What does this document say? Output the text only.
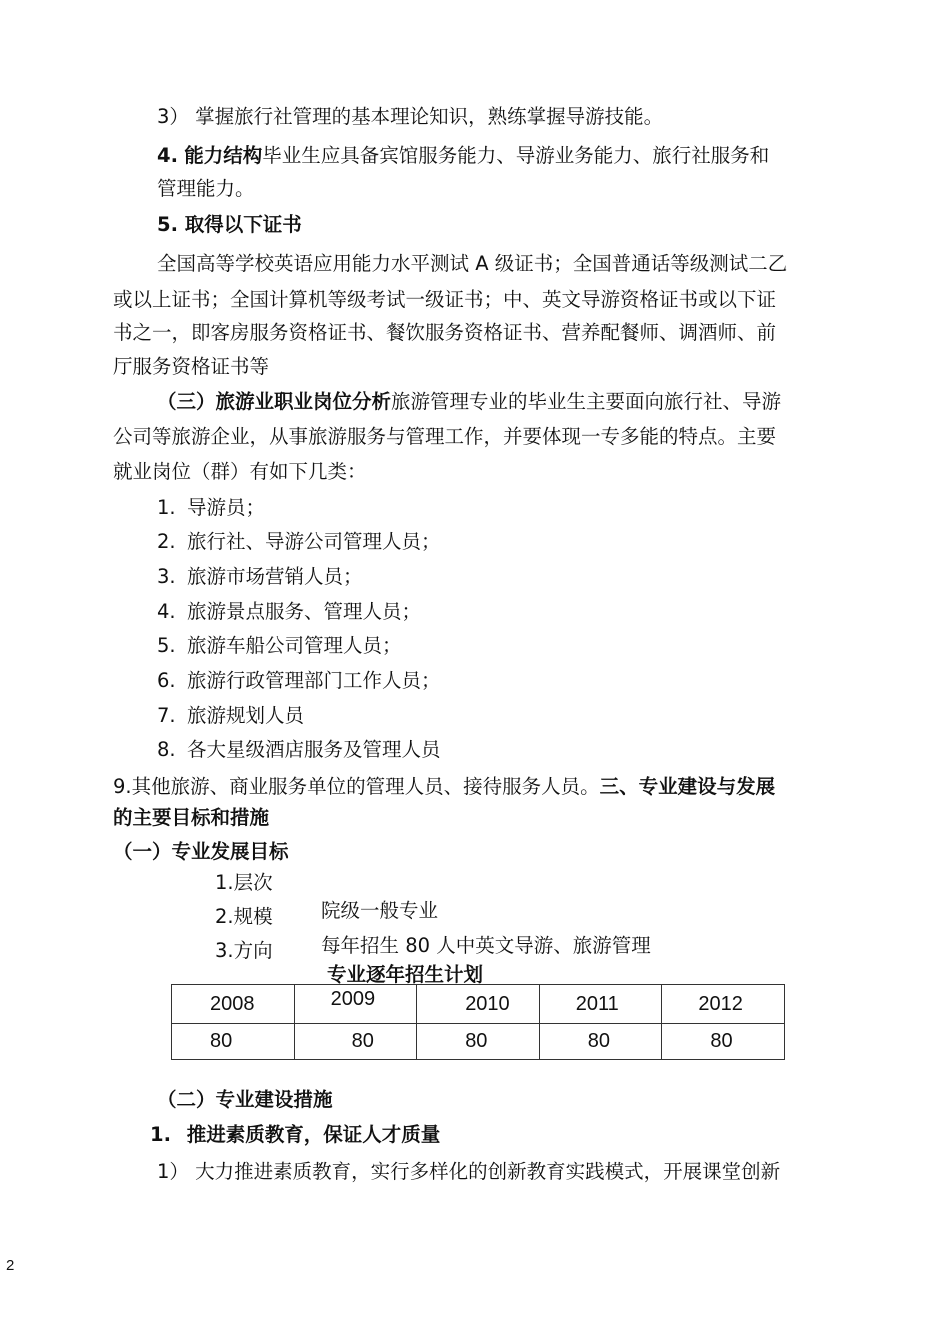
3） 掌握旅行社管理的基本理论知识，熟练掌握导游技能。
4. 能力结构毕业生应具备宾馆服务能力、导游业务能力、旅行社服务和
管理能力。
5. 取得以下证书
全国高等学校英语应用能力水平测试 A 级证书；全国普通话等级测试二乙
或以上证书；全国计算机等级考试一级证书；中、英文导游资格证书或以下证
书之一，即客房服务资格证书、餐饮服务资格证书、营养配餐师、调酒师、前
厅服务资格证书等
（三）旅游业职业岗位分析旅游管理专业的毕业生主要面向旅行社、导游
公司等旅游企业，从事旅游服务与管理工作，并要体现一专多能的特点。主要
就业岗位（群）有如下几类：
1. 导游员；
2. 旅行社、导游公司管理人员；
3. 旅游市场营销人员；
4. 旅游景点服务、管理人员；
5. 旅游车船公司管理人员；
6. 旅游行政管理部门工作人员；
7. 旅游规划人员
8. 各大星级酒店服务及管理人员
9.其他旅游、商业服务单位的管理人员、接待服务人员。三、专业建设与发展
的主要目标和措施
（一）专业发展目标
1.层次
2.规模 院级一般专业
3.方向 每年招生 80 人中英文导游、旅游管理
专业逐年招生计划
2008	2009	2010	2011	2012
80	80	80	80	80
（二）专业建设措施
1. 推进素质教育，保证人才质量
1） 大力推进素质教育，实行多样化的创新教育实践模式，开展课堂创新
2
